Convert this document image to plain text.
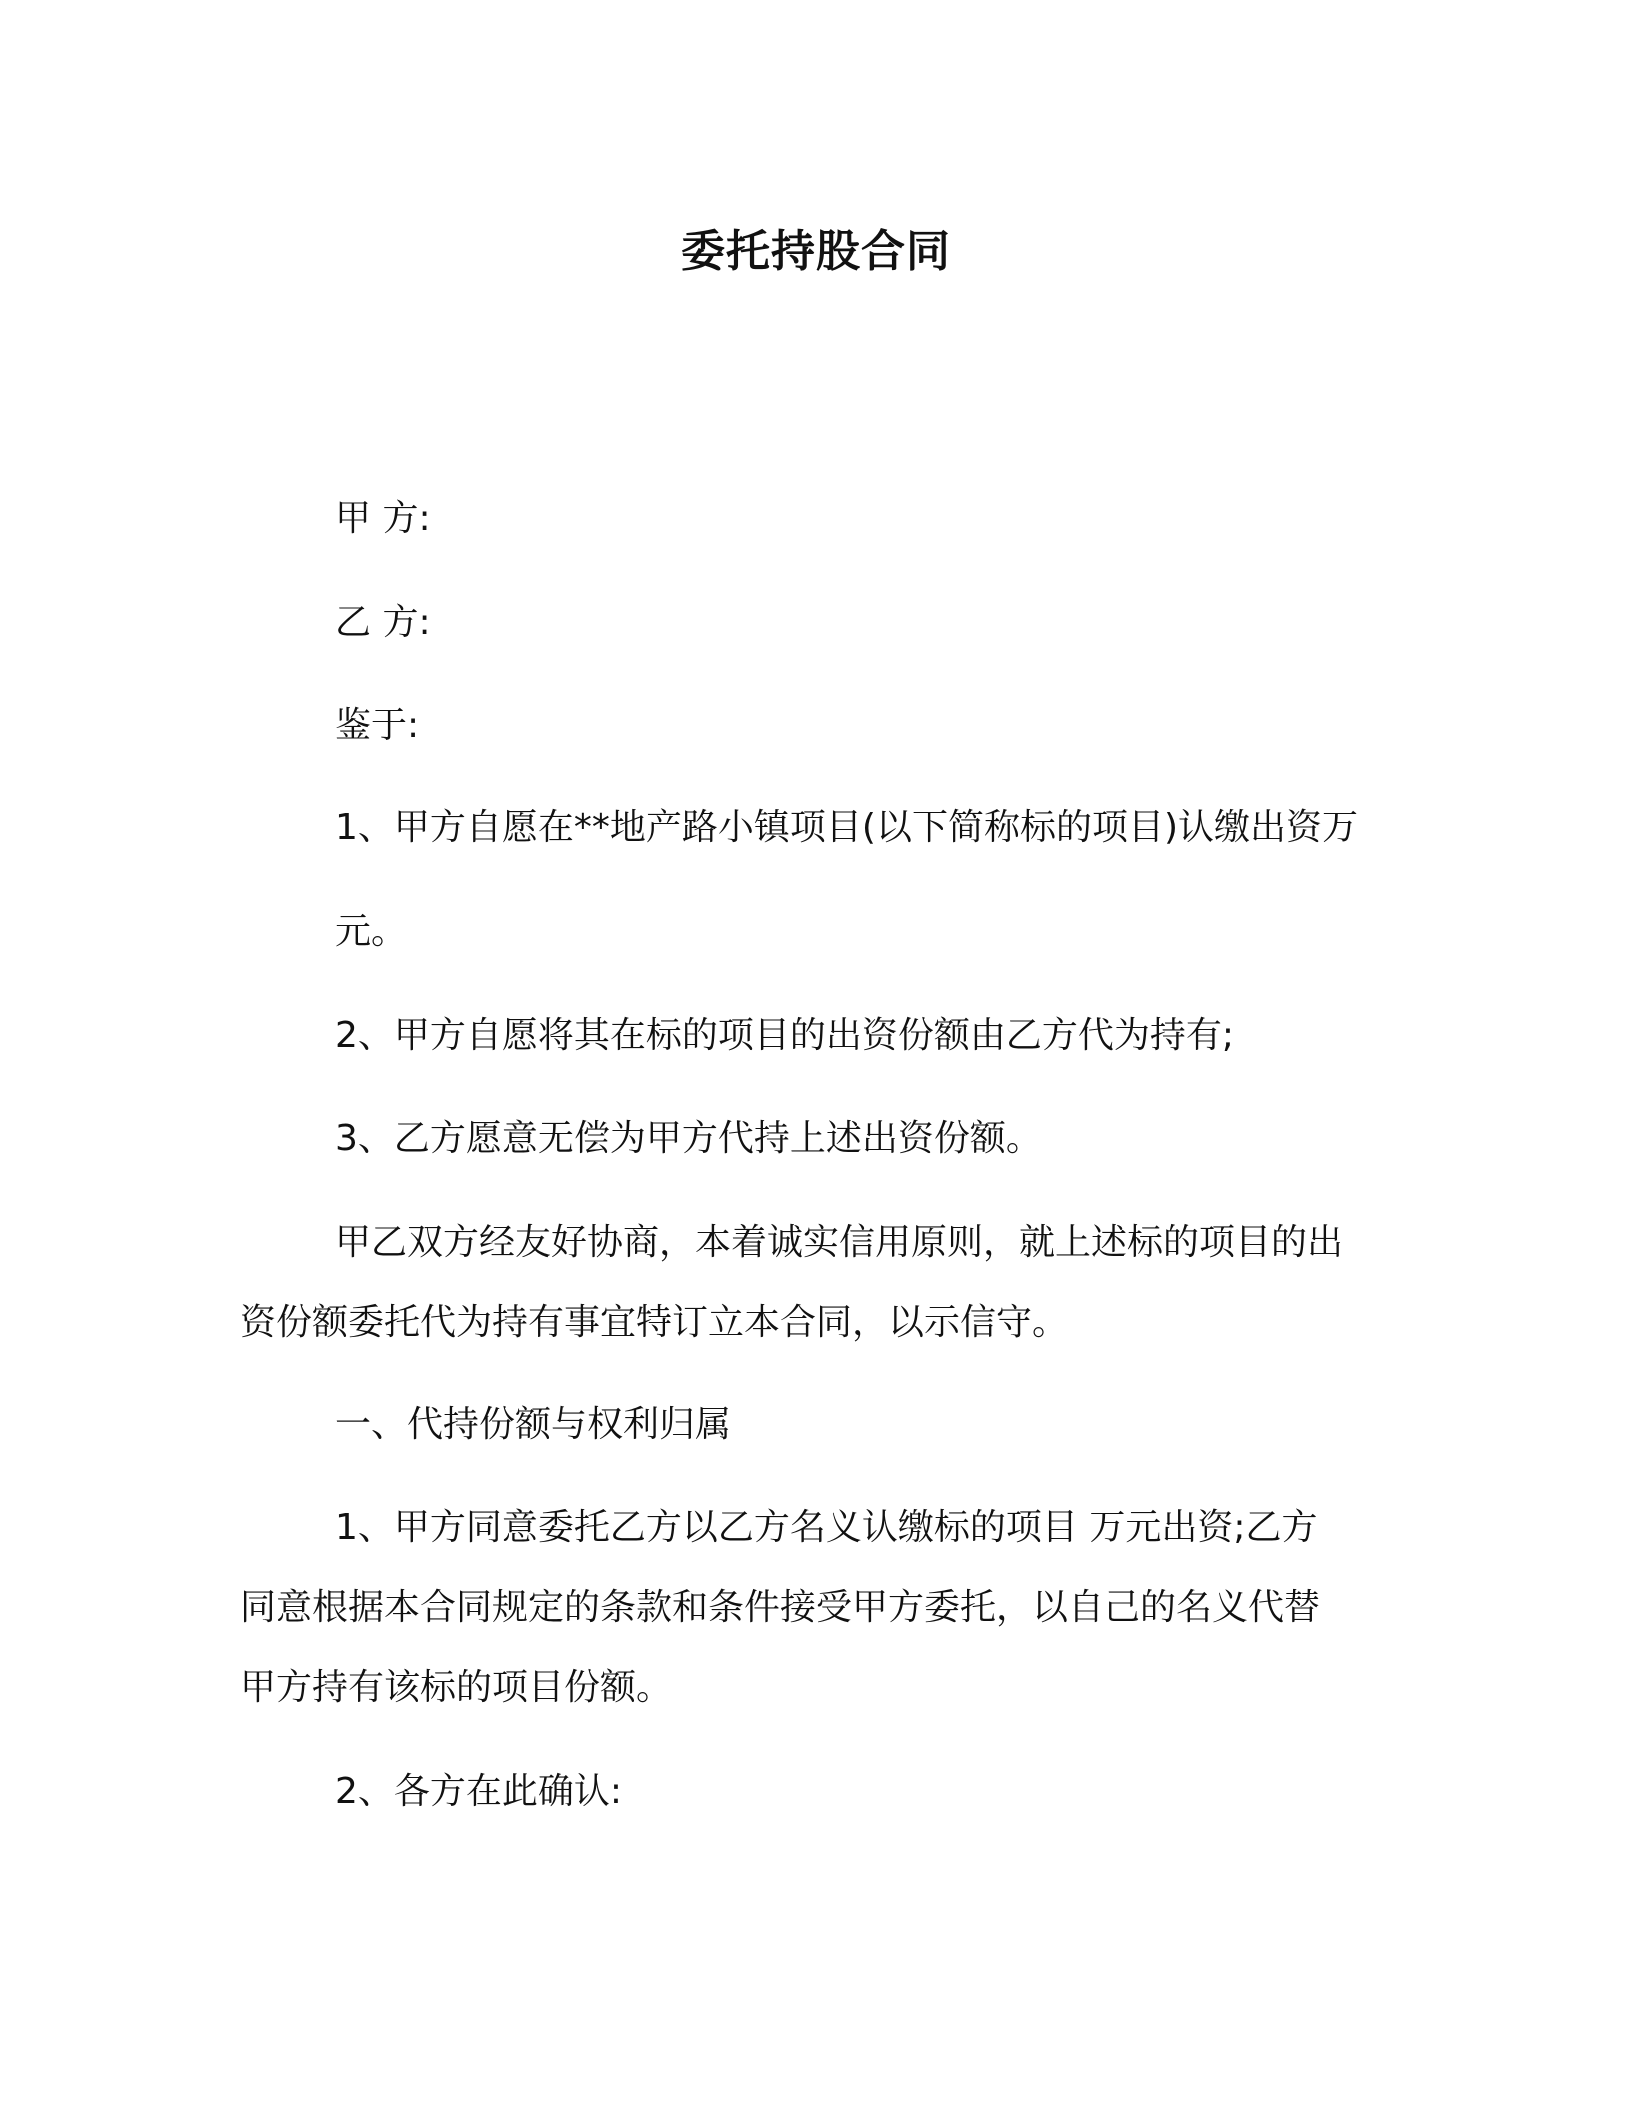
委托持股合同
甲 方:
乙 方:
鉴于:
1、甲方自愿在**地产路小镇项目(以下简称标的项目)认缴出资万
元。
2、甲方自愿将其在标的项目的出资份额由乙方代为持有;
3、乙方愿意无偿为甲方代持上述出资份额。
甲乙双方经友好协商，本着诚实信用原则，就上述标的项目的出
资份额委托代为持有事宜特订立本合同，以示信守。
一、代持份额与权利归属
1、甲方同意委托乙方以乙方名义认缴标的项目 万元出资;乙方
同意根据本合同规定的条款和条件接受甲方委托，以自己的名义代替
甲方持有该标的项目份额。
2、各方在此确认:
